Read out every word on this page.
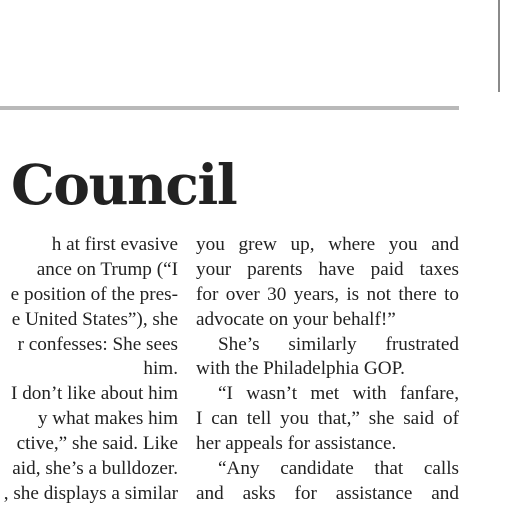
Council
h at first evasive
ance on Trump (“I
e position of the pres-
e United States”), she
r confesses: She sees
him.
I don’t like about him
y what makes him
ctive,” she said. Like
aid, she’s a bulldozer.
, she displays a similar
you grew up, where you and
your parents have paid taxes
for over 30 years, is not there to
advocate on your behalf!”
She’s similarly frustrated
with the Philadelphia GOP.
“I wasn’t met with fanfare,
I can tell you that,” she said of
her appeals for assistance.
“Any candidate that calls
and asks for assistance and
